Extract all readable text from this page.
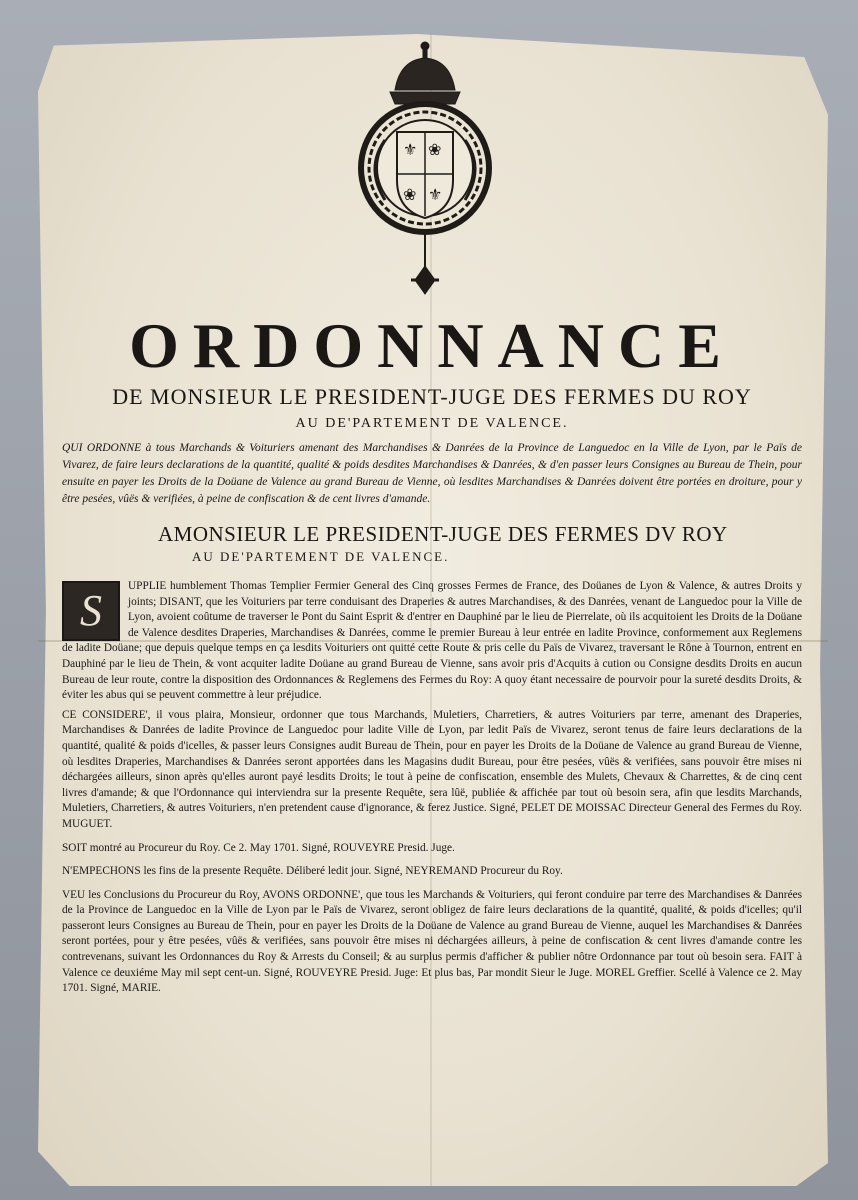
⚜ ❀
❀ ⚜
ORDONNANCE
DE MONSIEUR LE PRESIDENT-JUGE DES FERMES DU ROY
AU DE'PARTEMENT DE VALENCE.
QUI ORDONNE à tous Marchands & Voituriers amenant des Marchandises & Danrées de la Province de Languedoc en la Ville de Lyon, par le Païs de Vivarez, de faire leurs declarations de la quantité, qualité & poids desdites Marchandises & Danrées, & d'en passer leurs Consignes au Bureau de Thein, pour ensuite en payer les Droits de la Doüane de Valence au grand Bureau de Vienne, où lesdites Marchandises & Danrées doivent être portées en droiture, pour y être pesées, vûës & verifiées, à peine de confiscation & de cent livres d'amande.
AMONSIEUR LE PRESIDENT-JUGE DES FERMES DV ROY
AU DE'PARTEMENT DE VALENCE.
S
UPPLIE humblement Thomas Templier Fermier General des Cinq grosses Fermes de France, des Doüanes de Lyon & Valence, & autres Droits y joints; DISANT, que les Voituriers par terre conduisant des Draperies & autres Marchandises, & des Danrées, venant de Languedoc pour la Ville de Lyon, avoient coûtume de traverser le Pont du Saint Esprit & d'entrer en Dauphiné par le lieu de Pierrelate, où ils acquitoient les Droits de la Doüane de Valence desdites Draperies, Marchandises & Danrées, comme le premier Bureau à leur entrée en ladite Province, conformement aux Reglemens de ladite Doüane; que depuis quelque temps en ça lesdits Voituriers ont quitté cette Route & pris celle du Païs de Vivarez, traversant le Rône à Tournon, entrent en Dauphiné par le lieu de Thein, & vont acquiter ladite Doüane au grand Bureau de Vienne, sans avoir pris d'Acquits à cution ou Consigne desdits Droits en aucun Bureau de leur route, contre la disposition des Ordonnances & Reglemens des Fermes du Roy: A quoy étant necessaire de pourvoir pour la sureté desdits Droits, & éviter les abus qui se peuvent commettre à leur préjudice.
CE CONSIDERE', il vous plaira, Monsieur, ordonner que tous Marchands, Muletiers, Charretiers, & autres Voituriers par terre, amenant des Draperies, Marchandises & Danrées de ladite Province de Languedoc pour ladite Ville de Lyon, par ledit Païs de Vivarez, seront tenus de faire leurs declarations de la quantité, qualité & poids d'icelles, & passer leurs Consignes audit Bureau de Thein, pour en payer les Droits de la Doüane de Valence au grand Bureau de Vienne, où lesdites Draperies, Marchandises & Danrées seront apportées dans les Magasins dudit Bureau, pour être pesées, vûës & verifiées, sans pouvoir être mises ni déchargées ailleurs, sinon après qu'elles auront payé lesdits Droits; le tout à peine de confiscation, ensemble des Mulets, Chevaux & Charrettes, & de cinq cent livres d'amande; & que l'Ordonnance qui interviendra sur la presente Requête, sera lûë, publiée & affichée par tout où besoin sera, afin que lesdits Marchands, Muletiers, Charretiers, & autres Voituriers, n'en pretendent cause d'ignorance, & ferez Justice. Signé, PELET DE MOISSAC Directeur General des Fermes du Roy. MUGUET.
SOIT montré au Procureur du Roy. Ce 2. May 1701. Signé, ROUVEYRE Presid. Juge.
N'EMPECHONS les fins de la presente Requête. Déliberé ledit jour. Signé, NEYREMAND Procureur du Roy.
VEU les Conclusions du Procureur du Roy, AVONS ORDONNE', que tous les Marchands & Voituriers, qui feront conduire par terre des Marchandises & Danrées de la Province de Languedoc en la Ville de Lyon par le Païs de Vivarez, seront obligez de faire leurs declarations de la quantité, qualité, & poids d'icelles; qu'il passeront leurs Consignes au Bureau de Thein, pour en payer les Droits de la Doüane de Valence au grand Bureau de Vienne, auquel les Marchandises & Danrées seront portées, pour y être pesées, vûës & verifiées, sans pouvoir être mises ni déchargées ailleurs, à peine de confiscation & cent livres d'amande contre les contrevenans, suivant les Ordonnances du Roy & Arrests du Conseil; & au surplus permis d'afficher & publier nôtre Ordonnance par tout où besoin sera. FAIT à Valence ce deuxiéme May mil sept cent-un. Signé, ROUVEYRE Presid. Juge: Et plus bas, Par mondit Sieur le Juge. MOREL Greffier. Scellé à Valence ce 2. May 1701. Signé, MARIE.
